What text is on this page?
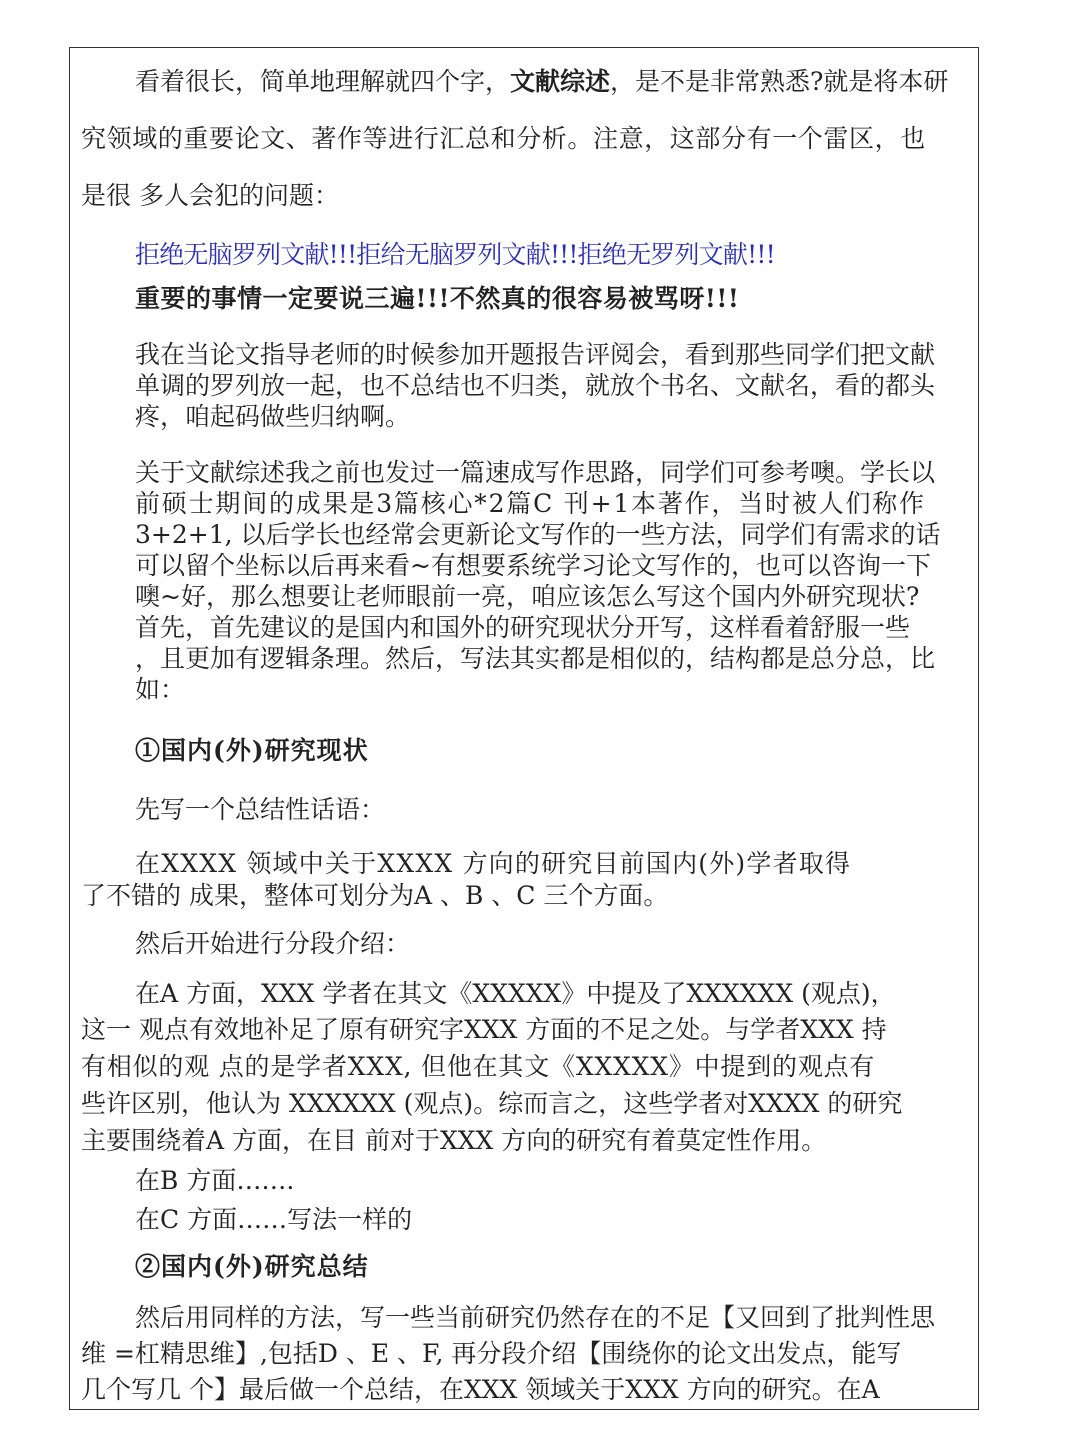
看着很长，简单地理解就四个字，文献综述，是不是非常熟悉?就是将本研

究领域的重要论文、著作等进行汇总和分析。注意，这部分有一个雷区，也

是很 多人会犯的问题：

拒绝无脑罗列文献!!!拒给无脑罗列文献!!!拒绝无罗列文献!!!

重要的事情一定要说三遍!!!不然真的很容易被骂呀!!!

我在当论文指导老师的时候参加开题报告评阅会，看到那些同学们把文献

单调的罗列放一起，也不总结也不归类，就放个书名、文献名，看的都头

疼，咱起码做些归纳啊。

关于文献综述我之前也发过一篇速成写作思路，同学们可参考噢。学长以

前硕士期间的成果是3篇核心*2篇C 刊+1本著作，当时被人们称作

3+2+1, 以后学长也经常会更新论文写作的一些方法，同学们有需求的话

可以留个坐标以后再来看~有想要系统学习论文写作的，也可以咨询一下

噢~好，那么想要让老师眼前一亮，咱应该怎么写这个国内外研究现状?

首先，首先建议的是国内和国外的研究现状分开写，这样看着舒服一些

，且更加有逻辑条理。然后，写法其实都是相似的，结构都是总分总，比

如：

①国内(外)研究现状

先写一个总结性话语：

在XXXX 领域中关于XXXX 方向的研究目前国内(外)学者取得

了不错的 成果，整体可划分为A 、B 、C 三个方面。

然后开始进行分段介绍：

在A 方面，XXX 学者在其文《XXXXX》中提及了XXXXXX (观点)，

这一 观点有效地补足了原有研究字XXX 方面的不足之处。与学者XXX 持

有相似的观 点的是学者XXX, 但他在其文《XXXXX》中提到的观点有

些许区别，他认为 XXXXXX (观点)。综而言之，这些学者对XXXX 的研究

主要围绕着A 方面，在目 前对于XXX 方向的研究有着莫定性作用。

在B 方面…….

在C 方面……写法一样的

②国内(外)研究总结

然后用同样的方法，写一些当前研究仍然存在的不足【又回到了批判性思

维 =杠精思维】,包括D 、E 、F, 再分段介绍【围绕你的论文出发点，能写

几个写几 个】最后做一个总结，在XXX 领域关于XXX 方向的研究。在A
